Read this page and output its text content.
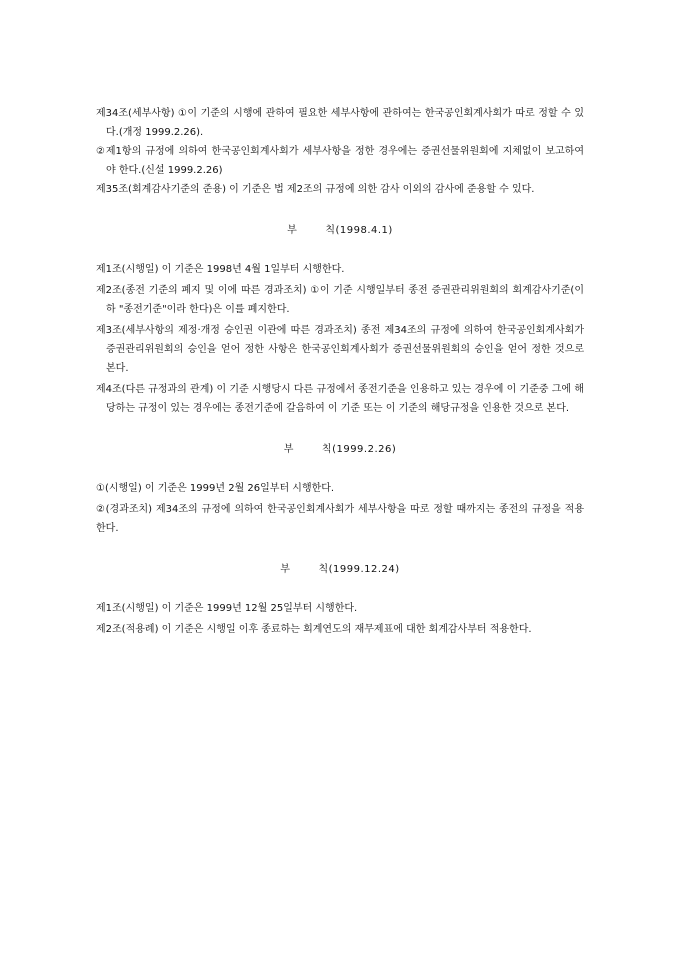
제34조(세부사항) ①이 기준의 시행에 관하여 필요한 세부사항에 관하여는 한국공인회계사회가 따로 정할 수 있다.(개정 1999.2.26).

②제1항의 규정에 의하여 한국공인회계사회가 세부사항을 정한 경우에는 증권선물위원회에 지체없이 보고하여야 한다.(신설 1999.2.26)

제35조(회계감사기준의 준용) 이 기준은 법 제2조의 규정에 의한 감사 이외의 감사에 준용할 수 있다.

부	칙(1998.4.1)

제1조(시행일) 이 기준은 1998년 4월 1일부터 시행한다.

제2조(종전 기준의 폐지 및 이에 따른 경과조치) ①이 기준 시행일부터 종전 증권관리위원회의 회계감사기준(이하 "종전기준"이라 한다)은 이를 폐지한다.

제3조(세부사항의 제정·개정 승인권 이관에 따른 경과조치) 종전 제34조의 규정에 의하여 한국공인회계사회가 증권관리위원회의 승인을 얻어 정한 사항은 한국공인회계사회가 증권선물위원회의 승인을 얻어 정한 것으로 본다.

제4조(다른 규정과의 관계) 이 기준 시행당시 다른 규정에서 종전기준을 인용하고 있는 경우에 이 기준중 그에 해당하는 규정이 있는 경우에는 종전기준에 갈음하여 이 기준 또는 이 기준의 해당규정을 인용한 것으로 본다.

부	칙(1999.2.26)

①(시행일) 이 기준은 1999년 2월 26일부터 시행한다.

②(경과조치) 제34조의 규정에 의하여 한국공인회계사회가 세부사항을 따로 정할 때까지는 종전의 규정을 적용한다.

부	칙(1999.12.24)

제1조(시행일) 이 기준은 1999년 12월 25일부터 시행한다.

제2조(적용례) 이 기준은 시행일 이후 종료하는 회계연도의 재무제표에 대한 회계감사부터 적용한다.
